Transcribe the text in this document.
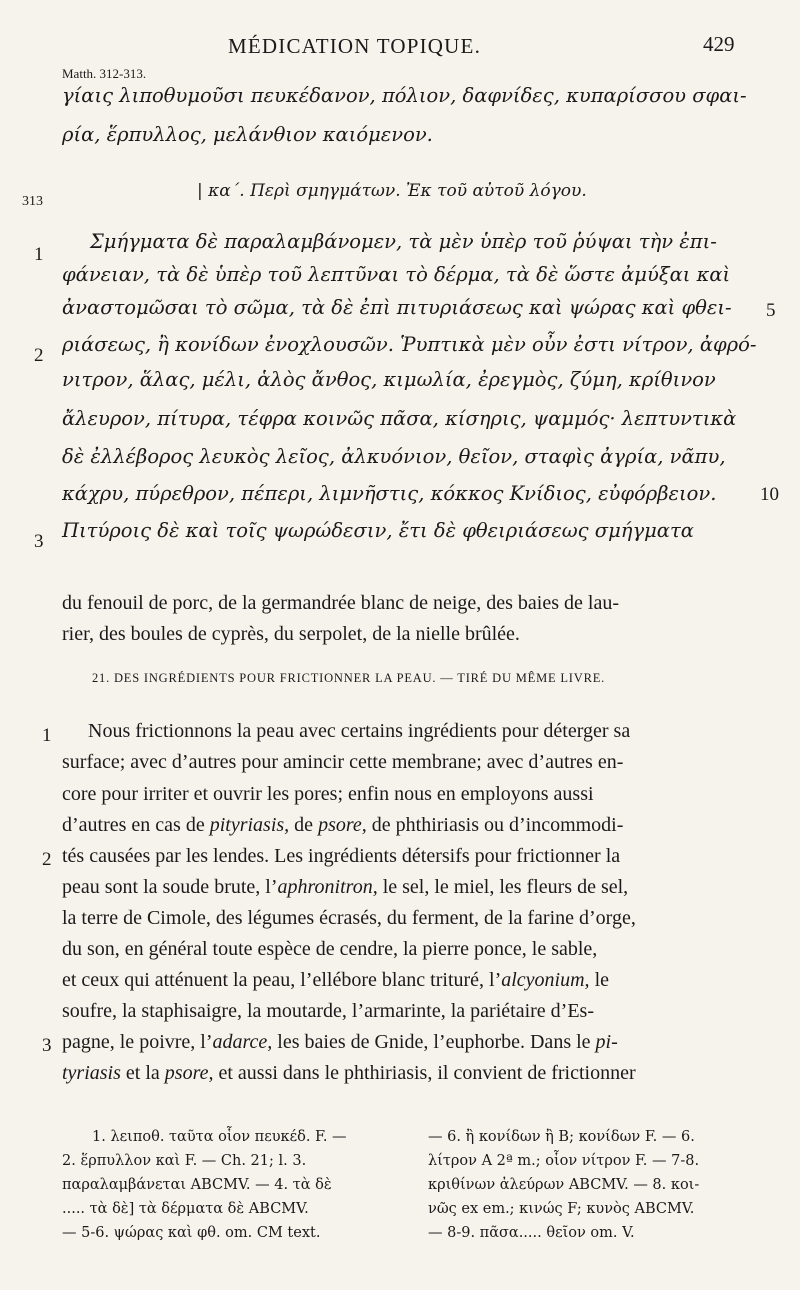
MÉDICATION TOPIQUE.	429
Matth. 312-313.
γίαις λιποθυμοῦσι πευκέδανον, πόλιον, δαφνίδες, κυπαρίσσου σφαι-
ρία, ἕρπυλλος, μελάνθιον καιόμενον.
313
| κα΄. Περὶ σμηγμάτων. Ἐκ τοῦ αὐτοῦ λόγου.
1
Σμήγματα δὲ παραλαμβάνομεν, τὰ μὲν ὑπὲρ τοῦ ῥύψαι τὴν ἐπι-
φάνειαν, τὰ δὲ ὑπὲρ τοῦ λεπτῦναι τὸ δέρμα, τὰ δὲ ὥστε ἀμύξαι καὶ
ἀναστομῶσαι τὸ σῶμα, τὰ δὲ ἐπὶ πιτυριάσεως καὶ ψώρας καὶ φθει-	5
2 ριάσεως, ἢ κονίδων ἐνοχλουσῶν. Ῥυπτικὰ μὲν οὖν ἐστι νίτρον, ἀφρό-
νιτρον, ἅλας, μέλι, ἁλὸς ἄνθος, κιμωλία, ἐρεγμὸς, ζύμη, κρίθινον
ἄλευρον, πίτυρα, τέφρα κοινῶς πᾶσα, κίσηρις, ψαμμός· λεπτυντικὰ
δὲ ἐλλέβορος λευκὸς λεῖος, ἀλκυόνιον, θεῖον, σταφὶς ἀγρία, νᾶπυ,
κάχρυ, πύρεθρον, πέπερι, λιμνῆστις, κόκκος Κνίδιος, εὐφόρβειον.	10
3 Πιτύροις δὲ καὶ τοῖς ψωρώδεσιν, ἔτι δὲ φθειριάσεως σμήγματα
du fenouil de porc, de la germandrée blanc de neige, des baies de lau-
rier, des boules de cyprès, du serpolet, de la nielle brûlée.
21. DES INGRÉDIENTS POUR FRICTIONNER LA PEAU. — TIRÉ DU MÊME LIVRE.
1 Nous frictionnons la peau avec certains ingrédients pour déterger sa
surface; avec d’autres pour amincir cette membrane; avec d’autres en-
core pour irriter et ouvrir les pores; enfin nous en employons aussi
d’autres en cas de pityriasis, de psore, de phthiriasis ou d’incommodi-
2 tés causées par les lendes. Les ingrédients détersifs pour frictionner la
peau sont la soude brute, l’aphronitron, le sel, le miel, les fleurs de sel,
la terre de Cimole, des légumes écrasés, du ferment, de la farine d’orge,
du son, en général toute espèce de cendre, la pierre ponce, le sable,
et ceux qui atténuent la peau, l’ellébore blanc trituré, l’alcyonium, le
soufre, la staphisaigre, la moutarde, l’armarinte, la pariétaire d’Es-
3 pagne, le poivre, l’adarce, les baies de Gnide, l’euphorbe. Dans le pi-
tyriasis et la psore, et aussi dans le phthiriasis, il convient de frictionner
1. λειποθ. ταῦτα οἷον πευκέδ. F. —
2. ἕρπυλλον καὶ F. — Ch. 21; l. 3.
παραλαμβάνεται ABCMV. — 4. τὰ δὲ
..... τὰ δὲ] τὰ δέρματα δὲ ABCMV.
— 5-6. ψώρας καὶ φθ. om. CM text.
— 6. ἢ κονίδων ἢ B; κονίδων F. — 6.
λίτρον A 2ª m.; οἷον νίτρον F. — 7-8.
κριθίνων ἀλεύρων ABCMV. — 8. κοι-
νῶς ex em.; κινώς F; κυνὸς ABCMV.
— 8-9. πᾶσα..... θεῖον om. V.
